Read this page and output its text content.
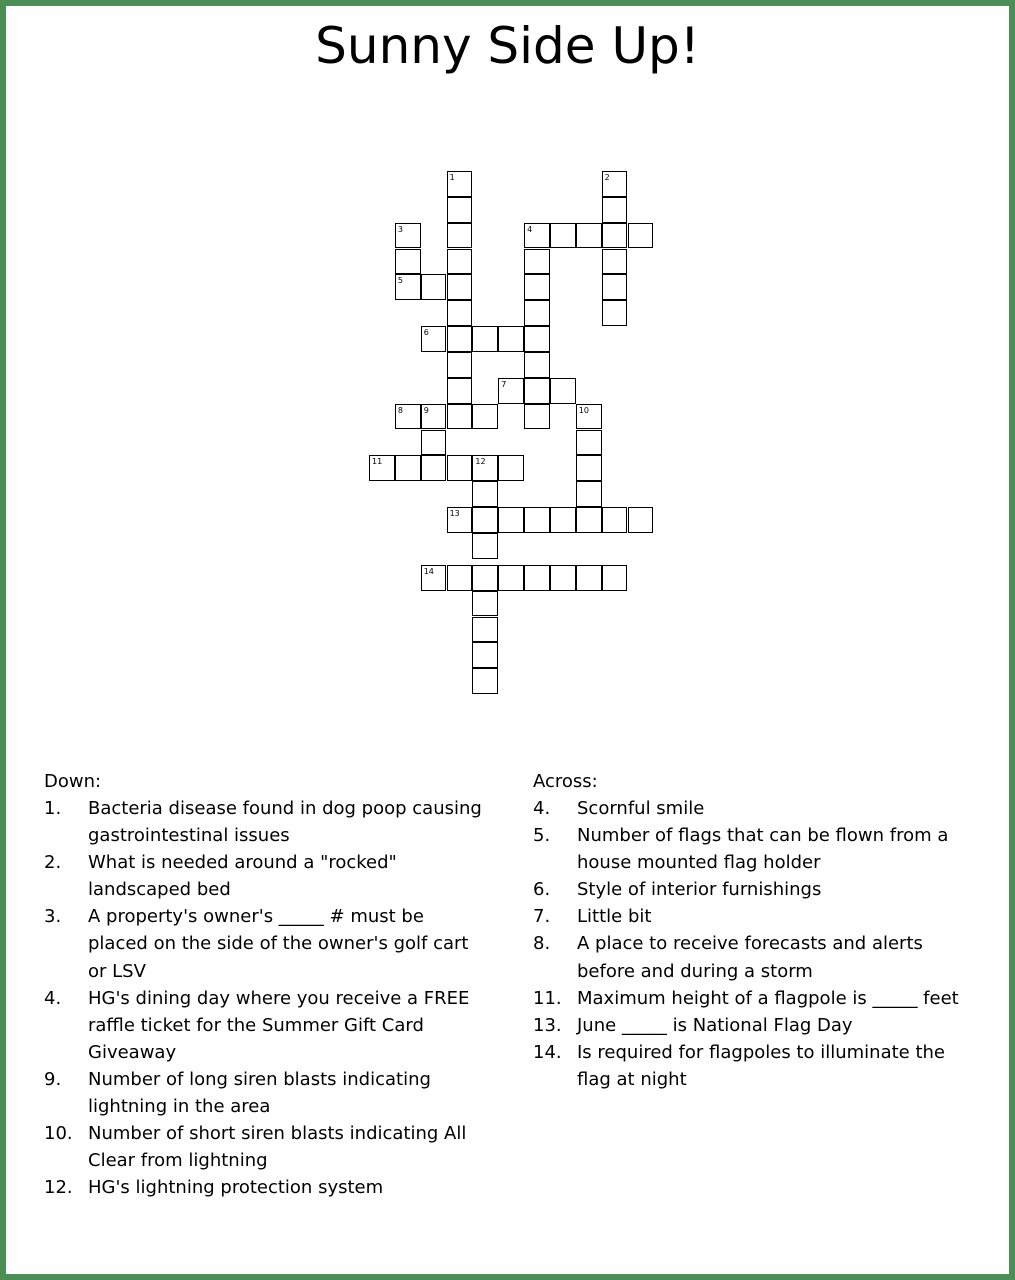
Sunny Side Up!
1	2
3
5
4
6
7
8	9	10
11	12
13
14
Down:
1. Bacteria disease found in dog poop causing gastrointestinal issues
2. What is needed around a "rocked" landscaped bed
3. A property's owner's _____ # must be placed on the side of the owner's golf cart or LSV
4. HG's dining day where you receive a FREE raffle ticket for the Summer Gift Card Giveaway
9. Number of long siren blasts indicating lightning in the area
10. Number of short siren blasts indicating All Clear from lightning
12. HG's lightning protection system
Across:
4. Scornful smile
5. Number of flags that can be flown from a house mounted flag holder
6. Style of interior furnishings
7. Little bit
8. A place to receive forecasts and alerts before and during a storm
11. Maximum height of a flagpole is _____ feet
13. June _____ is National Flag Day
14. Is required for flagpoles to illuminate the flag at night
